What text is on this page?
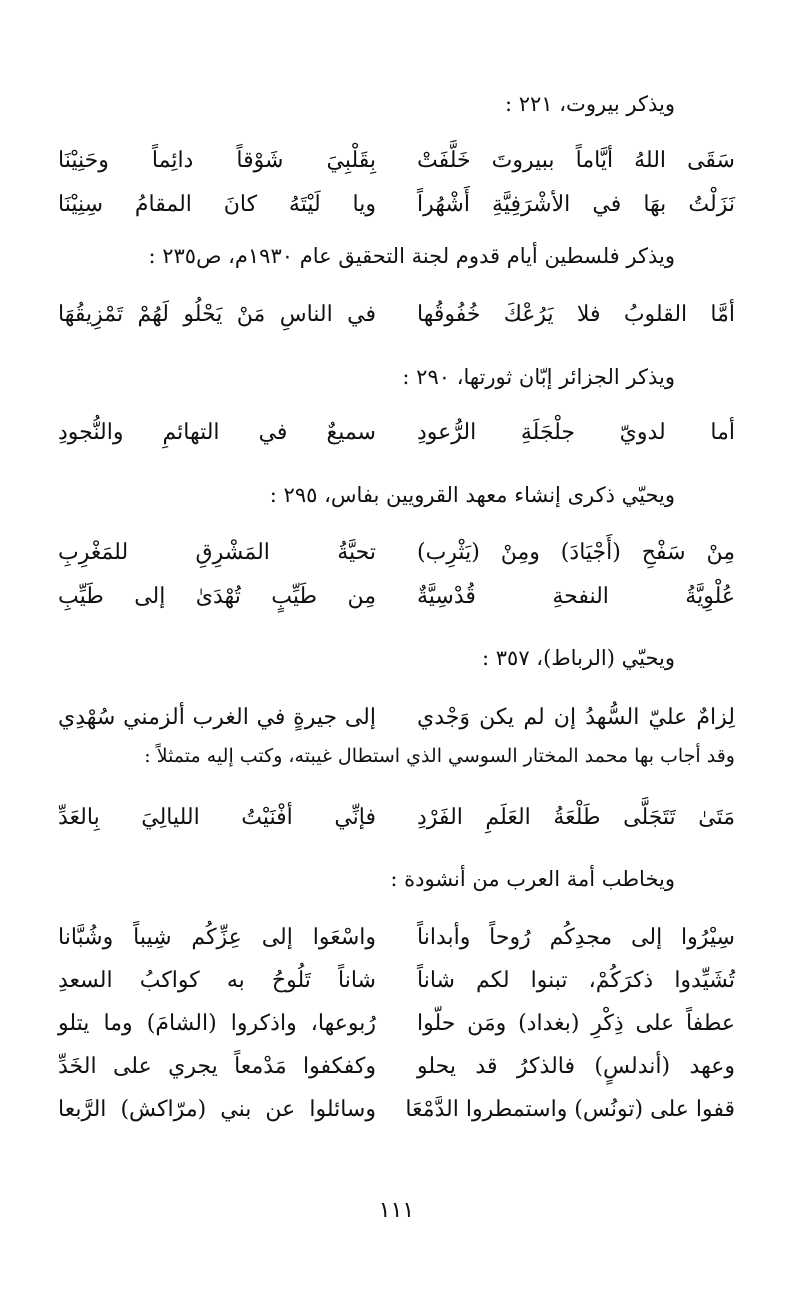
ويذكر بيروت، ٢٢١ :
سَقَى اللهُ أيَّاماً ببيروتَ خَلَّفَتْ
بِقَلْبِيَ شَوْقاً دائِماً وحَنِيْنَا
نَزَلْتُ بهَا في الأشْرَفِيَّةِ أَشْهُراً
ويا لَيْتَهُ كانَ المقامُ سِنِيْنَا
ويذكر فلسطين أيام قدوم لجنة التحقيق عام ١٩٣٠م، ص٢٣٥ :
أمَّا القلوبُ فلا يَرُعْكَ خُفُوقُها
في الناسِ مَنْ يَحْلُو لَهُمْ تَمْزِيقُهَا
ويذكر الجزائر إبّان ثورتها، ٢٩٠ :
أما لدويّ جلْجَلَةِ الرُّعودِ
سميعٌ في التهائمِ والنُّجودِ
ويحيّي ذكرى إنشاء معهد القرويين بفاس، ٢٩٥ :
مِنْ سَفْحِ (أَجْيَادَ) ومِنْ (يَثْرِب)
تحيَّةُ المَشْرِقِ للمَغْرِبِ
عُلْوِيَّةُ النفحةِ قُدْسِيَّةٌ
مِن طَيِّبٍ تُهْدَىٰ إلى طَيِّبِ
ويحيّي (الرباط)، ٣٥٧ :
لِزامٌ عليّ السُّهدُ إن لم يكن وَجْدي
إلى جيرةٍ في الغرب ألزمني سُهْدِي
وقد أجاب بها محمد المختار السوسي الذي استطال غيبته، وكتب إليه متمثلاً :
مَتَىٰ تَتَجَلَّى طَلْعَةُ العَلَمِ الفَرْدِ
فإنِّي أفْنَيْتُ الليالِيَ بِالعَدِّ
ويخاطب أمة العرب من أنشودة :
سِيْرُوا إلى مجدِكُم رُوحاً وأبداناً
واسْعَوا إلى عِزِّكُم شِيباً وشُبَّانا
تُشَيِّدوا ذكرَكُمْ، تبنوا لكم شاناً
شاناً تَلُوحُ به كواكبُ السعدِ
عطفاً على ذِكْرِ (بغداد) ومَن حلّوا
رُبوعها، واذكروا (الشامَ) وما يتلو
وعهد (أندلسٍ) فالذكرُ قد يحلو
وكفكفوا مَدْمعاً يجري على الخَدِّ
قفوا على (تونُس) واستمطروا الدَّمْعَا
وسائلوا عن بني (مرّاكش) الرَّبعا
١١١
